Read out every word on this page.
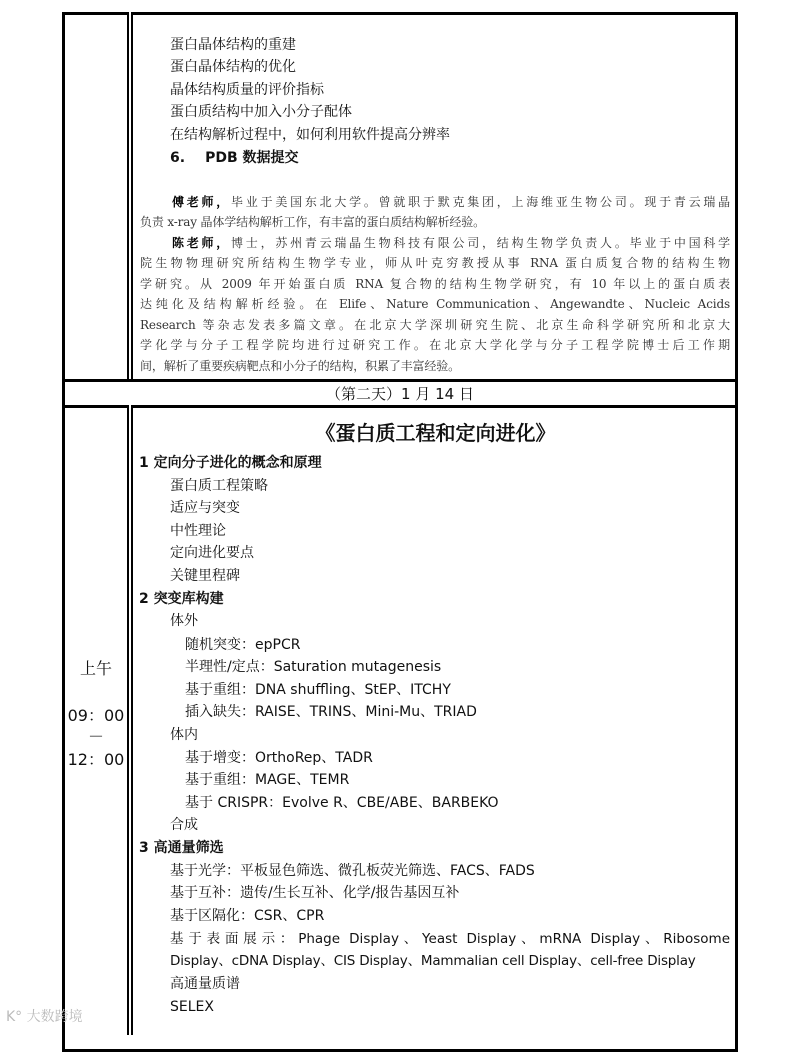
蛋白晶体结构的重建
蛋白晶体结构的优化
晶体结构质量的评价指标
蛋白质结构中加入小分子配体
在结构解析过程中，如何利用软件提高分辨率
6. PDB 数据提交
傅老师，毕业于美国东北大学。曾就职于默克集团，上海维亚生物公司。现于青云瑞晶
负责 x-ray 晶体学结构解析工作，有丰富的蛋白质结构解析经验。
陈老师，博士，苏州青云瑞晶生物科技有限公司，结构生物学负责人。毕业于中国科学
院生物物理研究所结构生物学专业，师从叶克穷教授从事 RNA 蛋白质复合物的结构生物
学研究。从 2009 年开始蛋白质 RNA 复合物的结构生物学研究，有 10 年以上的蛋白质表
达纯化及结构解析经验。在 Elife、Nature Communication、Angewandte、Nucleic Acids
Research 等杂志发表多篇文章。在北京大学深圳研究生院、北京生命科学研究所和北京大
学化学与分子工程学院均进行过研究工作。在北京大学化学与分子工程学院博士后工作期
间，解析了重要疾病靶点和小分子的结构，积累了丰富经验。
（第二天）1 月 14 日
上午
09：00
－
12：00
《蛋白质工程和定向进化》
1 定向分子进化的概念和原理
蛋白质工程策略
适应与突变
中性理论
定向进化要点
关键里程碑
2 突变库构建
体外
随机突变：epPCR
半理性/定点：Saturation mutagenesis
基于重组：DNA shuffling、StEP、ITCHY
插入缺失：RAISE、TRINS、Mini-Mu、TRIAD
体内
基于增变：OrthoRep、TADR
基于重组：MAGE、TEMR
基于 CRISPR：Evolve R、CBE/ABE、BARBEKO
合成
3 高通量筛选
基于光学：平板显色筛选、微孔板荧光筛选、FACS、FADS
基于互补：遗传/生长互补、化学/报告基因互补
基于区隔化：CSR、CPR
基于表面展示：Phage Display、Yeast Display、mRNA Display、Ribosome
Display、cDNA Display、CIS Display、Mammalian cell Display、cell-free Display
高通量质谱
SELEX
K° 大数跨境
